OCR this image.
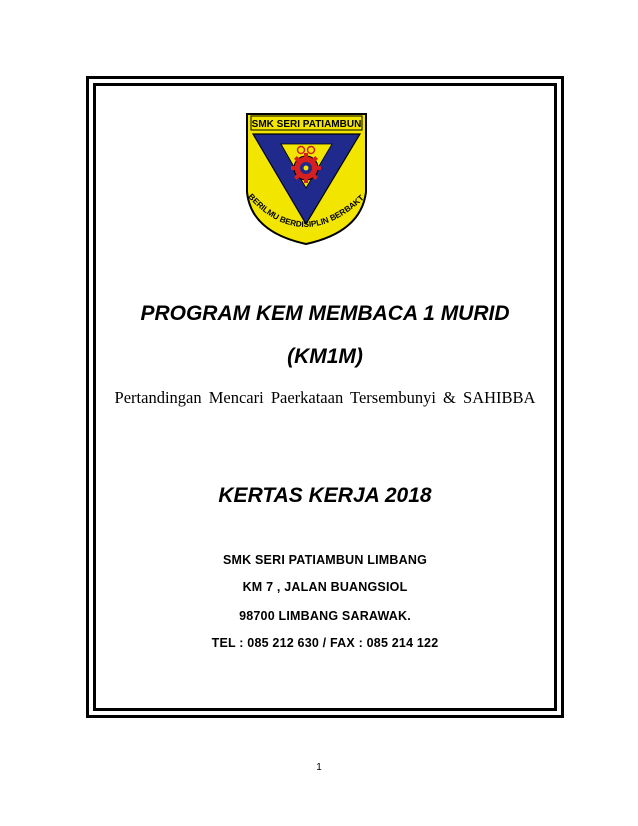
SMK SERI PATIAMBUN
BERILMU BERDISIPLIN BERBAKT

PROGRAM KEM MEMBACA 1 MURID

(KM1M)

Pertandingan Mencari Paerkataan Tersembunyi & SAHIBBA

KERTAS KERJA 2018

SMK SERI PATIAMBUN LIMBANG
KM 7 , JALAN BUANGSIOL
98700 LIMBANG SARAWAK.
TEL : 085 212 630 / FAX : 085 214 122
1
